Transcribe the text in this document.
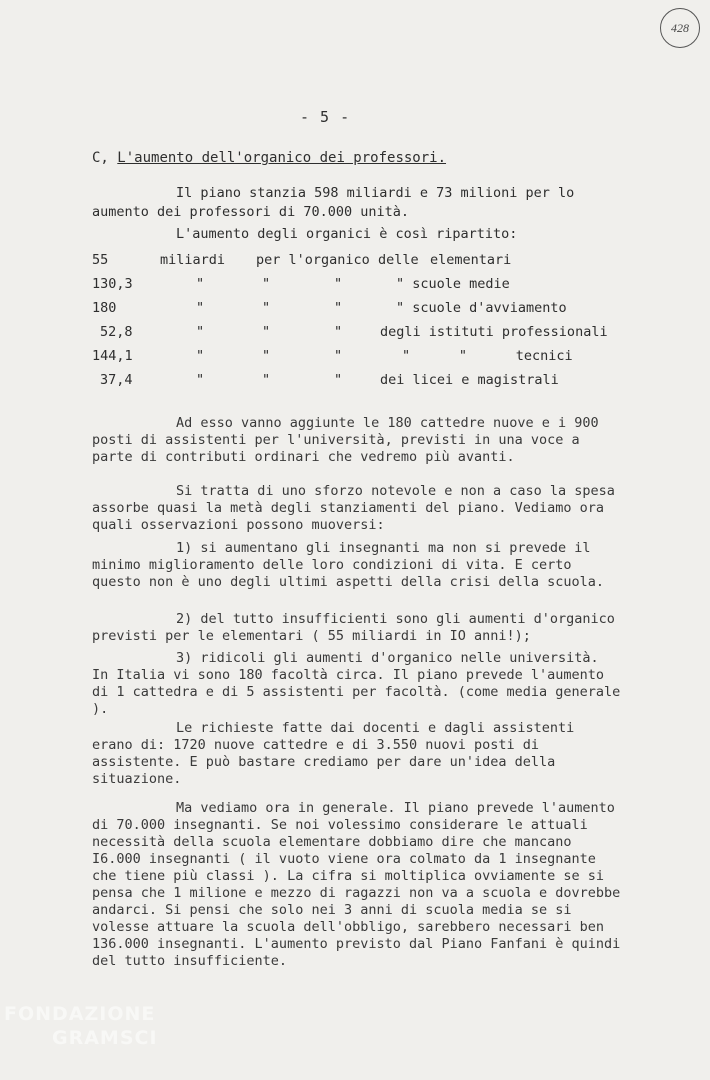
428
- 5 -
C, L'aumento dell'organico dei professori.

Il piano stanzia 598 miliardi e 73 milioni per lo aumento dei professori di 70.000 unità.

L'aumento degli organici è così ripartito:
55	miliardi per l'organico delle elementari
130,3	"	"	"	" scuole medie
180	"	"	"	" scuole d'avviamento
52,8	"	"	"	degli istituti professionali
144,1	"	"	"	"      "      tecnici
37,4	"	"	"	dei licei e magistrali

Ad esso vanno aggiunte le 180 cattedre nuove e i 900 posti di assistenti per l'università, previsti in una voce a parte di contributi ordinari che vedremo più avanti.

Si tratta di uno sforzo notevole e non a caso la spesa assorbe quasi la metà degli stanziamenti del piano. Vediamo ora quali osservazioni possono muoversi:

1) si aumentano gli insegnanti ma non si prevede il minimo miglioramento delle loro condizioni di vita. E certo questo non è uno degli ultimi aspetti della crisi della scuola.

2) del tutto insufficienti sono gli aumenti d'organico previsti per le elementari ( 55 miliardi in IO anni!);

3) ridicoli gli aumenti d'organico nelle università. In Italia vi sono 180 facoltà circa. Il piano prevede l'aumento di 1 cattedra e di 5 assistenti per facoltà. (come media generale ).

Le richieste fatte dai docenti e dagli assistenti erano di: 1720 nuove cattedre e di 3.550 nuovi posti di assistente. E può bastare crediamo per dare un'idea della situazione.

Ma vediamo ora in generale. Il piano prevede l'aumento di 70.000 insegnanti. Se noi volessimo considerare le attuali necessità della scuola elementare dobbiamo dire che mancano I6.000 insegnanti ( il vuoto viene ora colmato da 1 insegnante che tiene più classi ). La cifra si moltiplica ovviamente se si pensa che 1 milione e mezzo di ragazzi non va a scuola e dovrebbe andarci. Si pensi che solo nei 3 anni di scuola media se si volesse attuare la scuola dell'obbligo, sarebbero necessari ben 136.000 insegnanti. L'aumento previsto dal Piano Fanfani è quindi del tutto insufficiente.

FONDAZIONE
GRAMSCI
